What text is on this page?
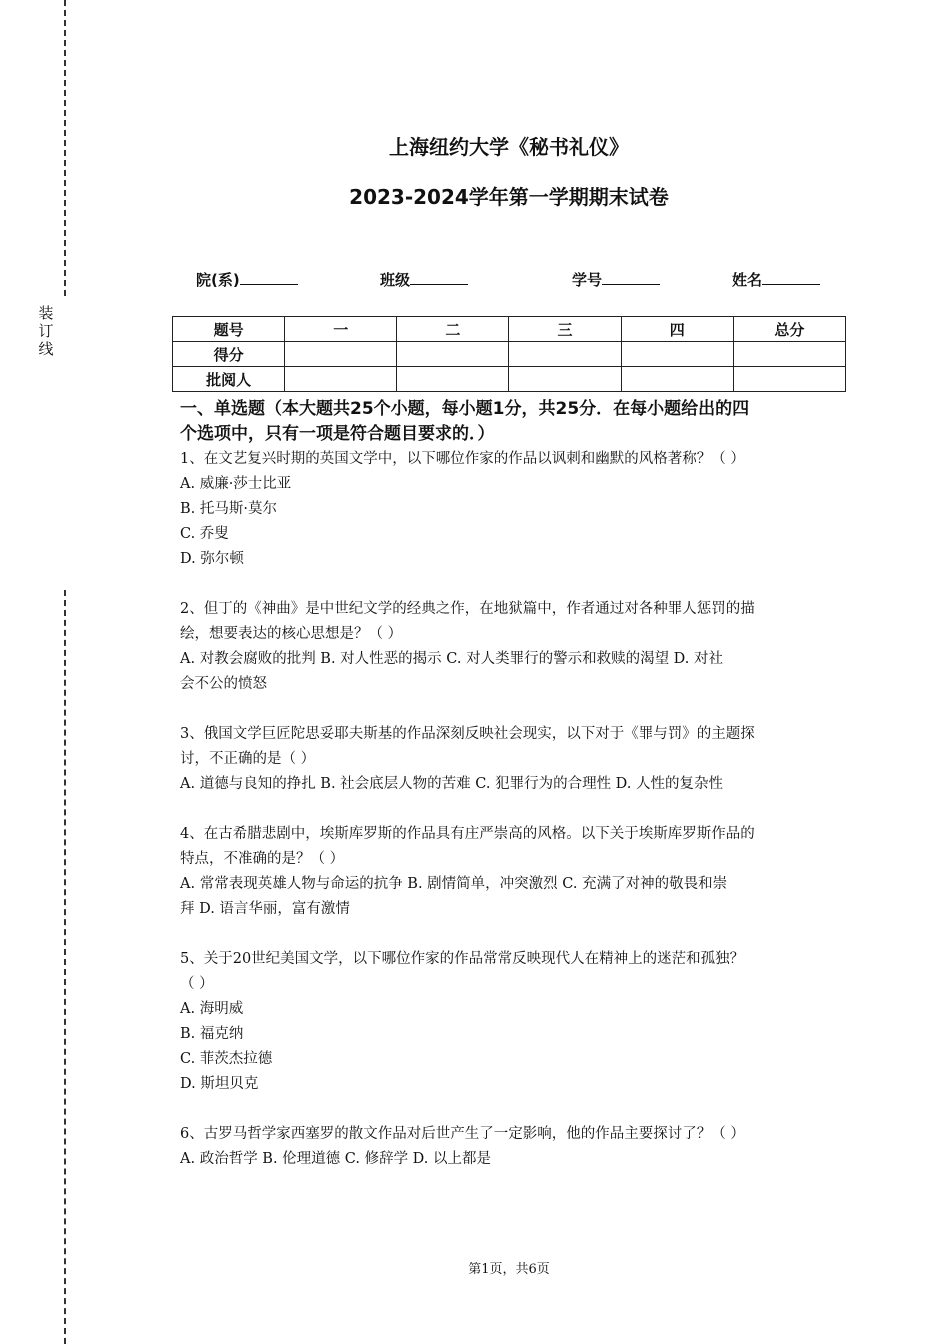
装
订
线
上海纽约大学《秘书礼仪》
2023-2024学年第一学期期末试卷
院(系)	班级	学号	姓名
题号	一	二	三	四	总分
得分					
批阅人					
一、单选题（本大题共25个小题，每小题1分，共25分．在每小题给出的四
个选项中，只有一项是符合题目要求的．）

1、在文艺复兴时期的英国文学中，以下哪位作家的作品以讽刺和幽默的风格著称？（ ）

A. 威廉·莎士比亚

B. 托马斯·莫尔

C. 乔叟

D. 弥尔顿

2、但丁的《神曲》是中世纪文学的经典之作，在地狱篇中，作者通过对各种罪人惩罚的描

绘，想要表达的核心思想是？（ ）

A. 对教会腐败的批判 B. 对人性恶的揭示 C. 对人类罪行的警示和救赎的渴望 D. 对社

会不公的愤怒

3、俄国文学巨匠陀思妥耶夫斯基的作品深刻反映社会现实，以下对于《罪与罚》的主题探

讨，不正确的是（ ）

A. 道德与良知的挣扎 B. 社会底层人物的苦难 C. 犯罪行为的合理性 D. 人性的复杂性

4、在古希腊悲剧中，埃斯库罗斯的作品具有庄严崇高的风格。以下关于埃斯库罗斯作品的

特点，不准确的是？（ ）

A. 常常表现英雄人物与命运的抗争 B. 剧情简单，冲突激烈 C. 充满了对神的敬畏和崇

拜 D. 语言华丽，富有激情

5、关于20世纪美国文学，以下哪位作家的作品常常反映现代人在精神上的迷茫和孤独？

（ ）

A. 海明威

B. 福克纳

C. 菲茨杰拉德

D. 斯坦贝克

6、古罗马哲学家西塞罗的散文作品对后世产生了一定影响，他的作品主要探讨了？（ ）

A. 政治哲学 B. 伦理道德 C. 修辞学 D. 以上都是

第1页，共6页
